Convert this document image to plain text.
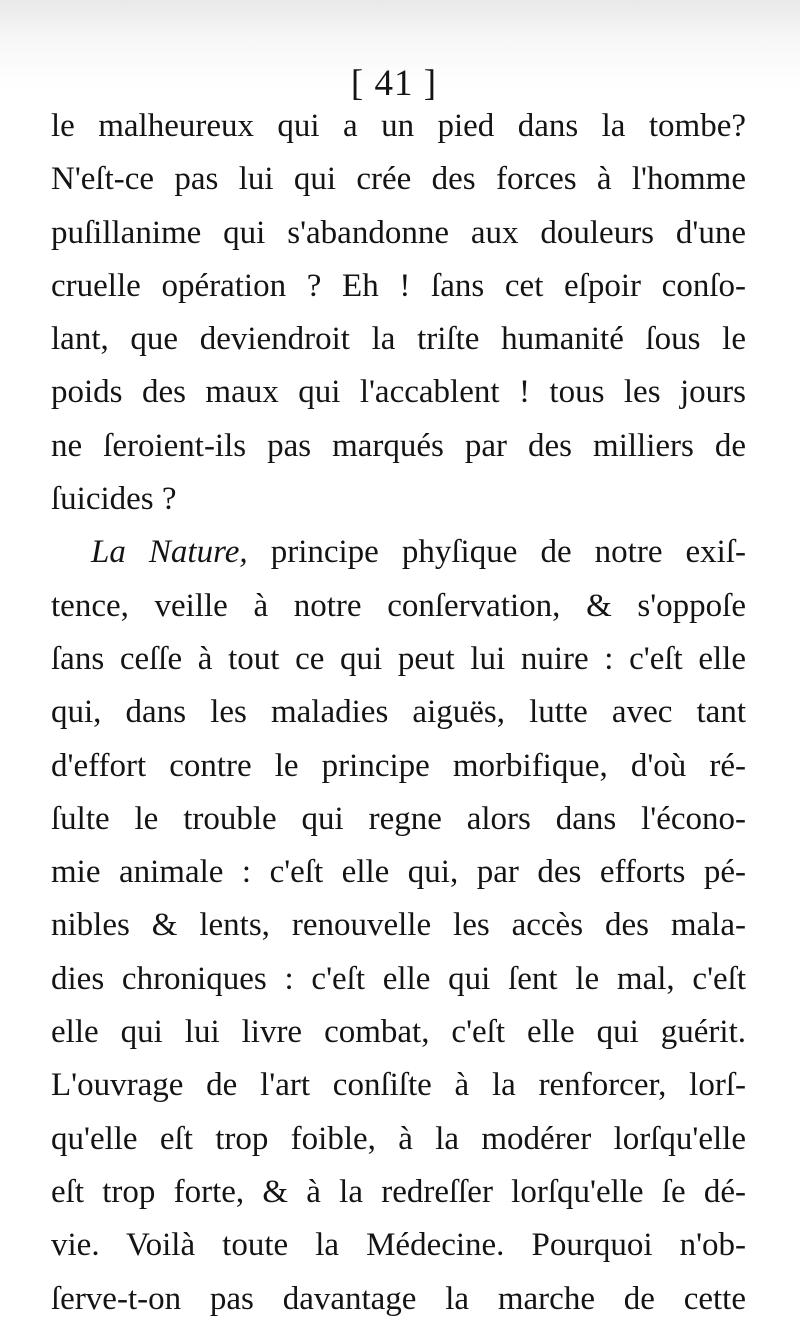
[ 41 ]
le malheureux qui a un pied dans la tombe?
N'eſt-ce pas lui qui crée des forces à l'homme
puſillanime qui s'abandonne aux douleurs d'une
cruelle opération ? Eh ! ſans cet eſpoir conſo-
lant, que deviendroit la triſte humanité ſous le
poids des maux qui l'accablent ! tous les jours
ne ſeroient-ils pas marqués par des milliers de
ſuicides ?
La Nature, principe phyſique de notre exiſ-
tence, veille à notre conſervation, & s'oppoſe
ſans ceſſe à tout ce qui peut lui nuire : c'eſt elle
qui, dans les maladies aiguës, lutte avec tant
d'effort contre le principe morbifique, d'où ré-
ſulte le trouble qui regne alors dans l'écono-
mie animale : c'eſt elle qui, par des efforts pé-
nibles & lents, renouvelle les accès des mala-
dies chroniques : c'eſt elle qui ſent le mal, c'eſt
elle qui lui livre combat, c'eſt elle qui guérit.
L'ouvrage de l'art conſiſte à la renforcer, lorſ-
qu'elle eſt trop foible, à la modérer lorſqu'elle
eſt trop forte, & à la redreſſer lorſqu'elle ſe dé-
vie. Voilà toute la Médecine. Pourquoi n'ob-
ſerve-t-on pas davantage la marche de cette
